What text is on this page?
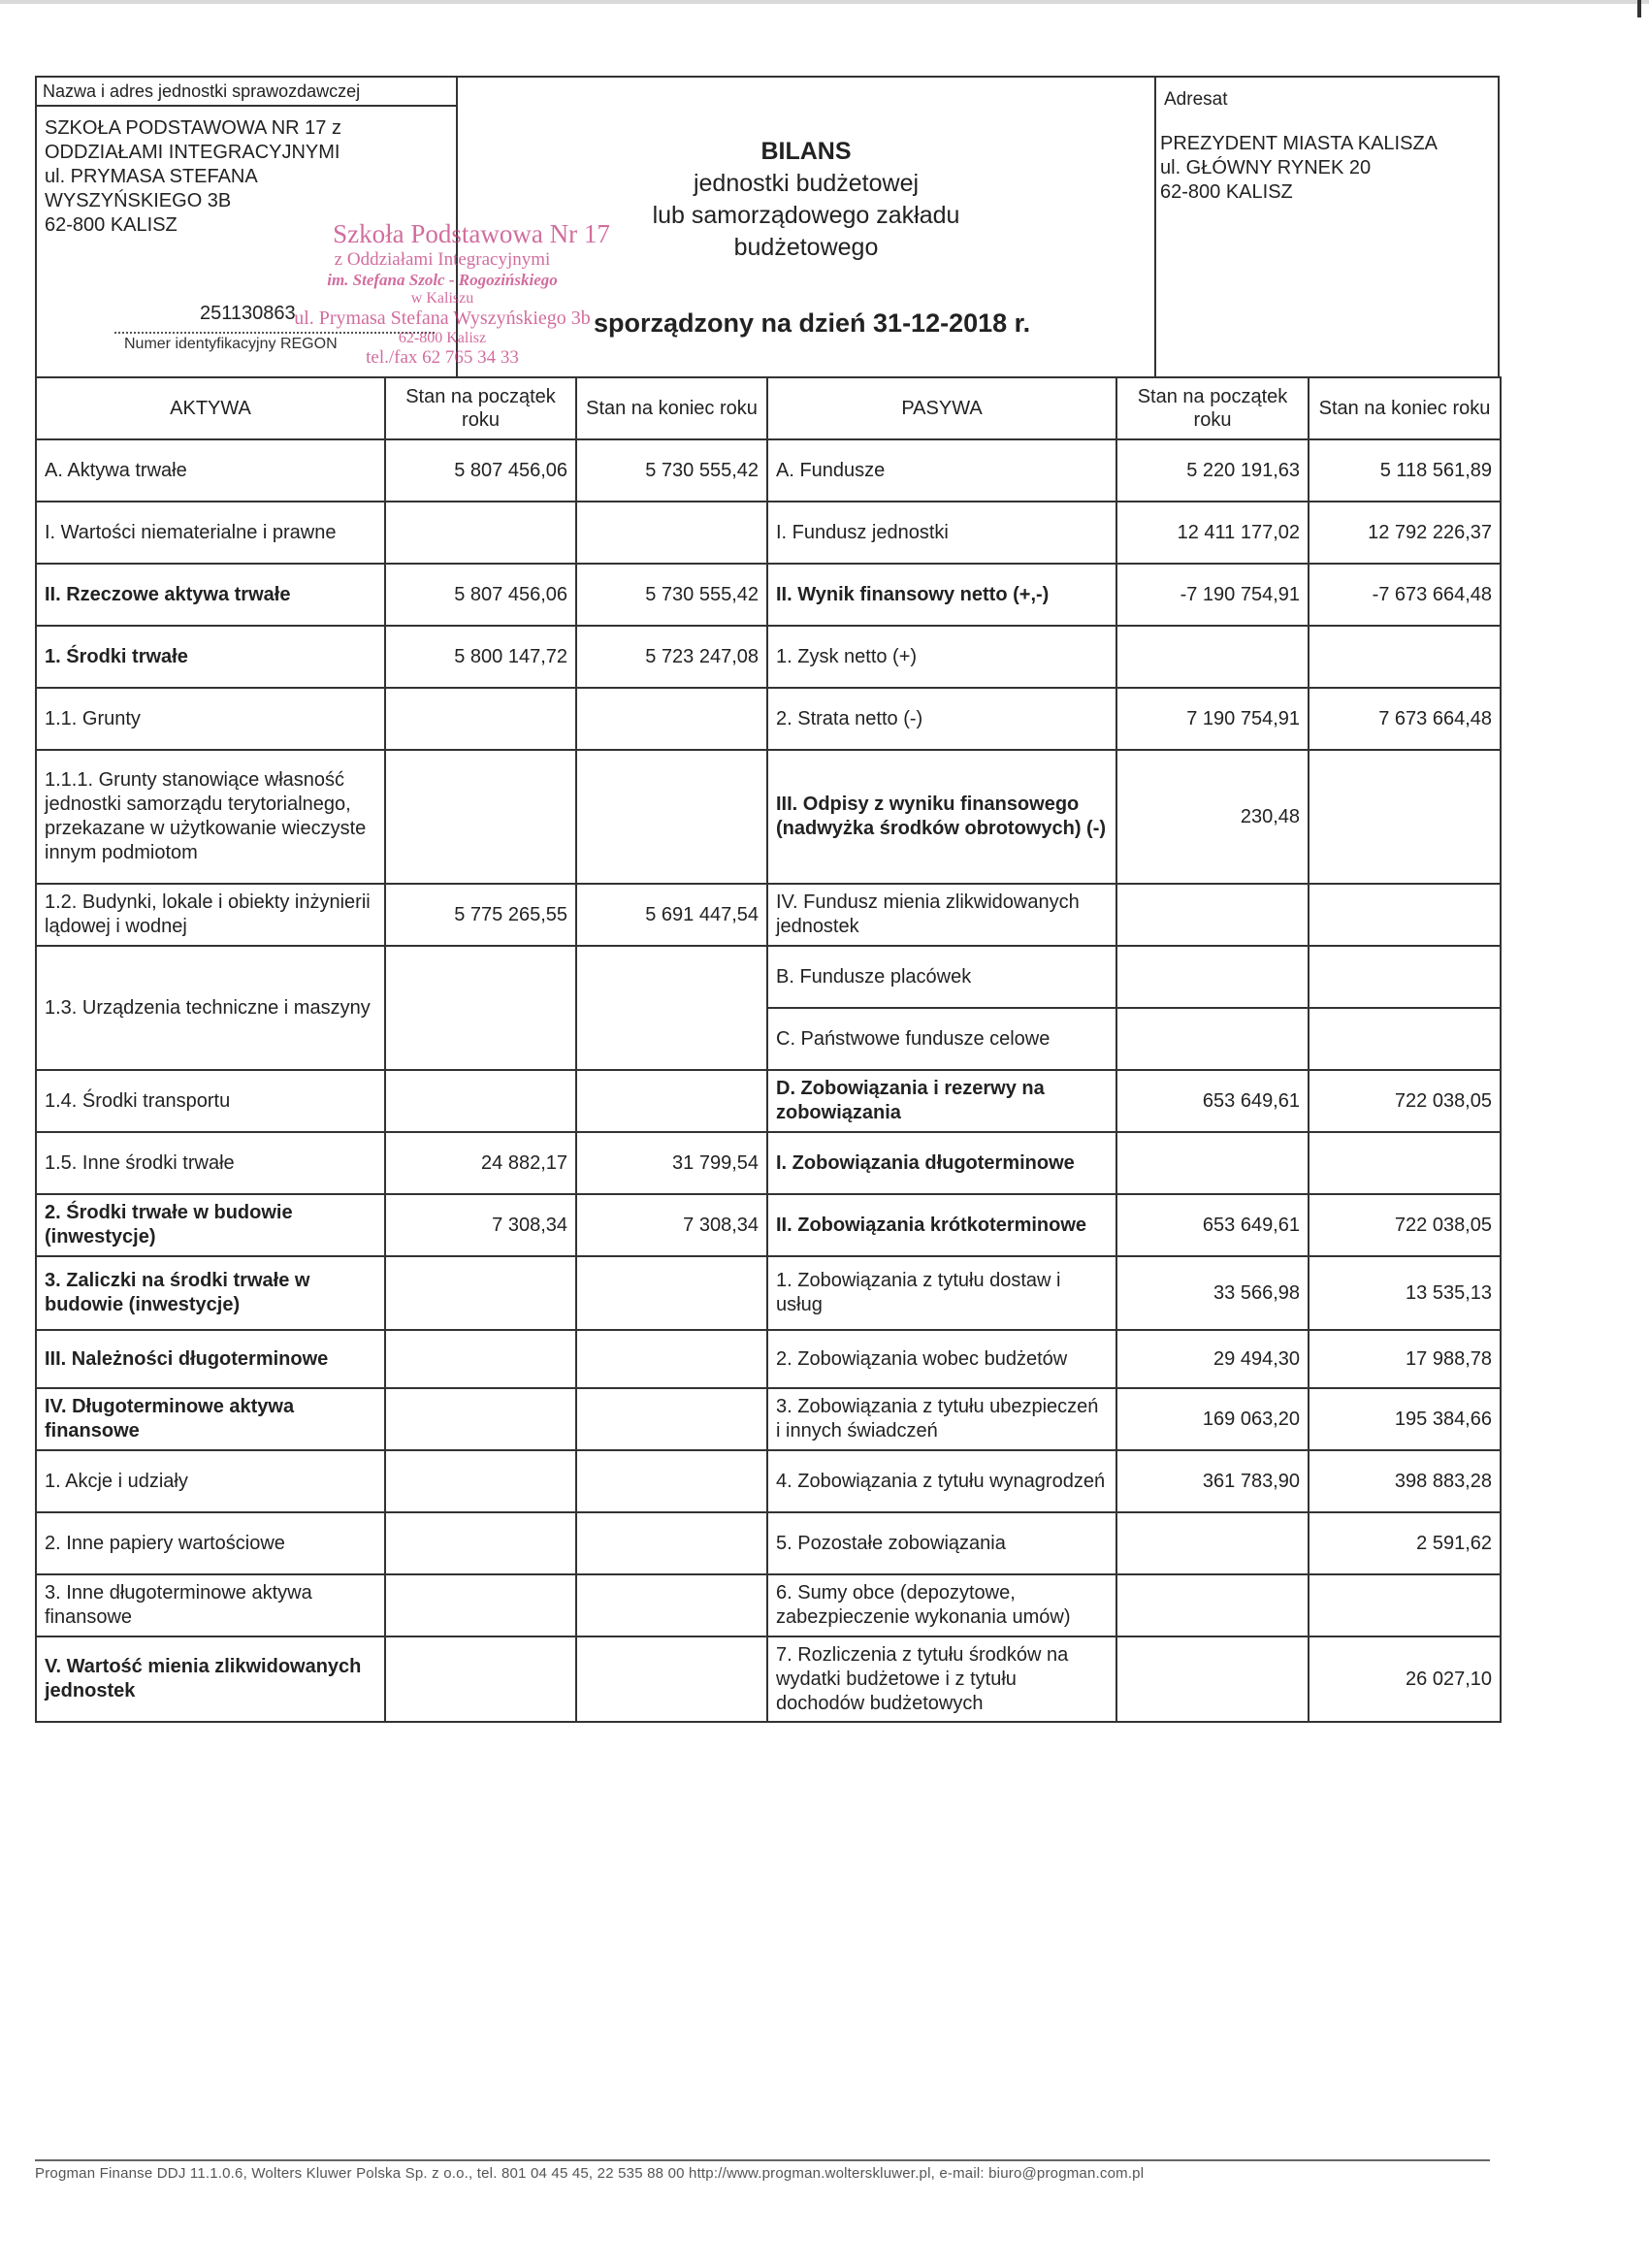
Nazwa i adres jednostki sprawozdawczej
SZKOŁA PODSTAWOWA NR 17 z
ODDZIAŁAMI INTEGRACYJNYMI
ul. PRYMASA STEFANA
WYSZYŃSKIEGO 3B
62-800 KALISZ
251130863
Numer identyfikacyjny REGON
BILANS
jednostki budżetowej
lub samorządowego zakładu
budżetowego
sporządzony na dzień 31-12-2018 r.
Adresat
PREZYDENT MIASTA KALISZA
ul. GŁÓWNY RYNEK 20
62-800 KALISZ
Szkoła Podstawowa Nr 17
z Oddziałami Integracyjnymi
im. Stefana Szolc - Rogozińskiego
w Kaliszu
ul. Prymasa Stefana Wyszyńskiego 3b
62-800 Kalisz
tel./fax 62 765 34 33
AKTYWA	Stan na początek roku	Stan na koniec roku	PASYWA	Stan na początek roku	Stan na koniec roku
A. Aktywa trwałe	5 807 456,06	5 730 555,42	A. Fundusze	5 220 191,63	5 118 561,89
I. Wartości niematerialne i prawne			I. Fundusz jednostki	12 411 177,02	12 792 226,37
II. Rzeczowe aktywa trwałe	5 807 456,06	5 730 555,42	II. Wynik finansowy netto (+,-)	-7 190 754,91	-7 673 664,48
1. Środki trwałe	5 800 147,72	5 723 247,08	1. Zysk netto (+)		
1.1. Grunty			2. Strata netto (-)	7 190 754,91	7 673 664,48
1.1.1. Grunty stanowiące własność jednostki samorządu terytorialnego, przekazane w użytkowanie wieczyste innym podmiotom			III. Odpisy z wyniku finansowego (nadwyżka środków obrotowych) (-)	230,48	
1.2. Budynki, lokale i obiekty inżynierii lądowej i wodnej	5 775 265,55	5 691 447,54	IV. Fundusz mienia zlikwidowanych jednostek		
1.3. Urządzenia techniczne i maszyny			B. Fundusze placówek		
			C. Państwowe fundusze celowe		
1.4. Środki transportu			D. Zobowiązania i rezerwy na zobowiązania	653 649,61	722 038,05
1.5. Inne środki trwałe	24 882,17	31 799,54	I. Zobowiązania długoterminowe		
2. Środki trwałe w budowie (inwestycje)	7 308,34	7 308,34	II. Zobowiązania krótkoterminowe	653 649,61	722 038,05
3. Zaliczki na środki trwałe w budowie (inwestycje)			1. Zobowiązania z tytułu dostaw i usług	33 566,98	13 535,13
III. Należności długoterminowe			2. Zobowiązania wobec budżetów	29 494,30	17 988,78
IV. Długoterminowe aktywa finansowe			3. Zobowiązania z tytułu ubezpieczeń i innych świadczeń	169 063,20	195 384,66
1. Akcje i udziały			4. Zobowiązania z tytułu wynagrodzeń	361 783,90	398 883,28
2. Inne papiery wartościowe			5. Pozostałe zobowiązania		2 591,62
3. Inne długoterminowe aktywa finansowe			6. Sumy obce (depozytowe, zabezpieczenie wykonania umów)		
V. Wartość mienia zlikwidowanych jednostek			7. Rozliczenia z tytułu środków na wydatki budżetowe i z tytułu dochodów budżetowych		26 027,10
Progman Finanse DDJ 11.1.0.6, Wolters Kluwer Polska Sp. z o.o., tel. 801 04 45 45, 22 535 88 00 http://www.progman.wolterskluwer.pl, e-mail: biuro@progman.com.pl
